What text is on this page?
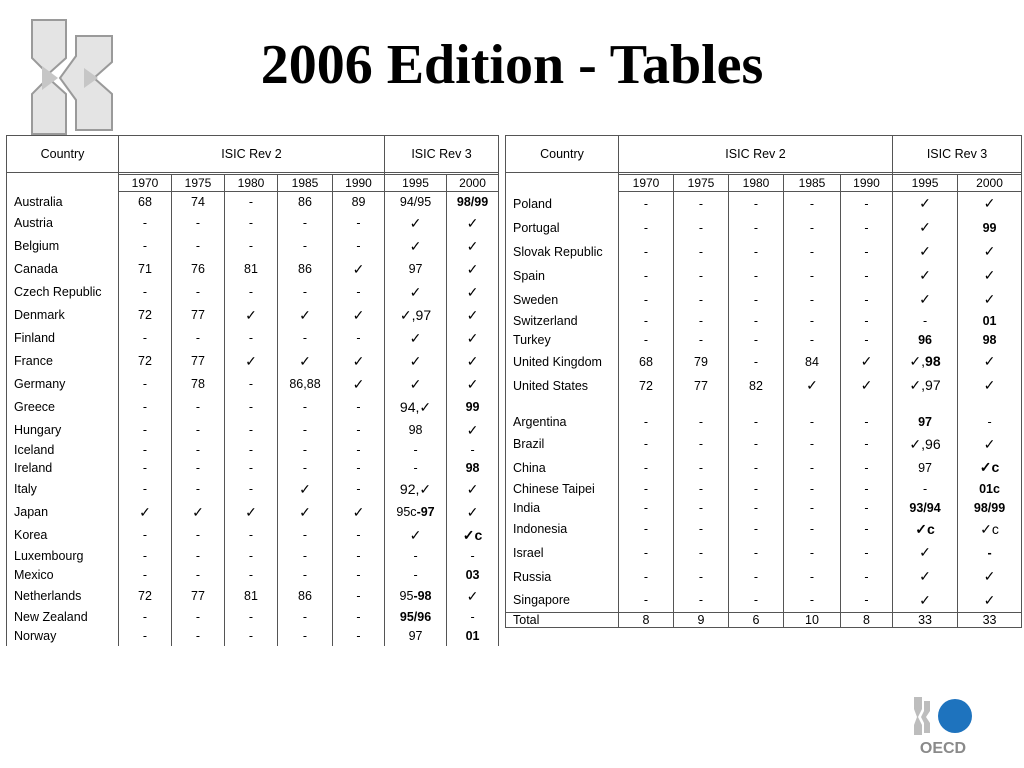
2006 Edition - Tables
Country	ISIC Rev 2					ISIC Rev 3	

	1970	1975	1980	1985	1990	1995	2000
Australia	68	74	-	86	89	94/95	98/99
Austria	-	-	-	-	-	✓	✓
Belgium	-	-	-	-	-	✓	✓
Canada	71	76	81	86	✓	97	✓
Czech Republic	-	-	-	-	-	✓	✓
Denmark	72	77	✓	✓	✓	✓,97	✓
Finland	-	-	-	-	-	✓	✓
France	72	77	✓	✓	✓	✓	✓
Germany	-	78	-	86,88	✓	✓	✓
Greece	-	-	-	-	-	94,✓	99
Hungary	-	-	-	-	-	98	✓
Iceland	-	-	-	-	-	-	-
Ireland	-	-	-	-	-	-	98
Italy	-	-	-	✓	-	92,✓	✓
Japan	✓	✓	✓	✓	✓	95c-97	✓
Korea	-	-	-	-	-	✓	✓c
Luxembourg	-	-	-	-	-	-	-
Mexico	-	-	-	-	-	-	03
Netherlands	72	77	81	86	-	95-98	✓
New Zealand	-	-	-	-	-	95/96	-
Norway	-	-	-	-	-	97	01
Country	ISIC Rev 2					ISIC Rev 3	

	1970	1975	1980	1985	1990	1995	2000
Poland	-	-	-	-	-	✓	✓
Portugal	-	-	-	-	-	✓	99
Slovak Republic	-	-	-	-	-	✓	✓
Spain	-	-	-	-	-	✓	✓
Sweden	-	-	-	-	-	✓	✓
Switzerland	-	-	-	-	-	-	01
Turkey	-	-	-	-	-	96	98
United Kingdom	68	79	-	84	✓	✓,98	✓
United States	72	77	82	✓	✓	✓,97	✓

Argentina	-	-	-	-	-	97	-
Brazil	-	-	-	-	-	✓,96	✓
China	-	-	-	-	-	97	✓c
Chinese Taipei	-	-	-	-	-	-	01c
India	-	-	-	-	-	93/94	98/99
Indonesia	-	-	-	-	-	✓c	✓c
Israel	-	-	-	-	-	✓	-
Russia	-	-	-	-	-	✓	✓
Singapore	-	-	-	-	-	✓	✓
Total	8	9	6	10	8	33	33
OECD
